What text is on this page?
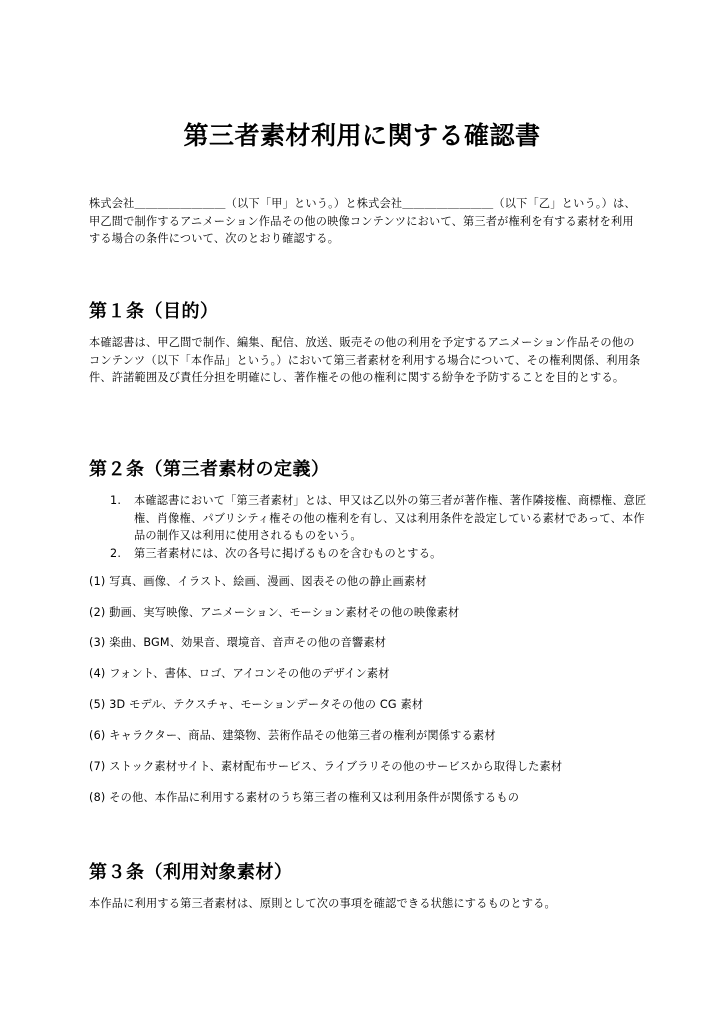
第三者素材利用に関する確認書

株式会社＿＿＿＿＿＿＿＿（以下「甲」という。）と株式会社＿＿＿＿＿＿＿＿（以下「乙」という。）は、甲乙間で制作するアニメーション作品その他の映像コンテンツにおいて、第三者が権利を有する素材を利用する場合の条件について、次のとおり確認する。

第１条（目的）

本確認書は、甲乙間で制作、編集、配信、放送、販売その他の利用を予定するアニメーション作品その他のコンテンツ（以下「本作品」という。）において第三者素材を利用する場合について、その権利関係、利用条件、許諾範囲及び責任分担を明確にし、著作権その他の権利に関する紛争を予防することを目的とする。

第２条（第三者素材の定義）
1. 本確認書において「第三者素材」とは、甲又は乙以外の第三者が著作権、著作隣接権、商標権、意匠権、肖像権、パブリシティ権その他の権利を有し、又は利用条件を設定している素材であって、本作品の制作又は利用に使用されるものをいう。
2. 第三者素材には、次の各号に掲げるものを含むものとする。

(1) 写真、画像、イラスト、絵画、漫画、図表その他の静止画素材

(2) 動画、実写映像、アニメーション、モーション素材その他の映像素材

(3) 楽曲、BGM、効果音、環境音、音声その他の音響素材

(4) フォント、書体、ロゴ、アイコンその他のデザイン素材

(5) 3D モデル、テクスチャ、モーションデータその他の CG 素材

(6) キャラクター、商品、建築物、芸術作品その他第三者の権利が関係する素材

(7) ストック素材サイト、素材配布サービス、ライブラリその他のサービスから取得した素材

(8) その他、本作品に利用する素材のうち第三者の権利又は利用条件が関係するもの

第３条（利用対象素材）

本作品に利用する第三者素材は、原則として次の事項を確認できる状態にするものとする。
